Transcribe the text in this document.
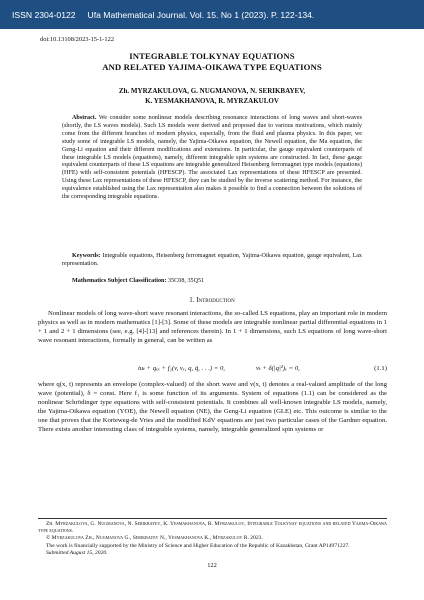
ISSN 2304-0122 Ufa Mathematical Journal. Vol. 15. No 1 (2023). P. 122-134.
doi:10.13108/2023-15-1-122
INTEGRABLE TOLKYNAY EQUATIONS
AND RELATED YAJIMA-OIKAWA TYPE EQUATIONS
Zh. MYRZAKULOVA, G. NUGMANOVA, N. SERIKBAYEV,
K. YESMAKHANOVA, R. MYRZAKULOV

Abstract. We consider some nonlinear models describing resonance interactions of long waves and short-waves (shortly, the LS waves models). Such LS models were derived and proposed due to various motivations, which mainly come from the different branches of modern physics, especially, from the fluid and plasma physics. In this paper, we study some of integrable LS models, namely, the Yajima-Oikawa equation, the Newell equation, the Ma equation, the Geng-Li equation and their different modifications and extensions. In particular, the gauge equivalent counterparts of these integrable LS models (equations), namely, different integrable spin systems are constructed. In fact, these gauge equivalent counterparts of these LS equations are integrable generalized Heisenberg ferromagnet type models (equations) (HFE) with self-consistent potentials (HFESCP). The associated Lax representations of these HFESCP are presented. Using these Lax representations of these HFESCP, they can be studied by the inverse scattering method. For instance, the equivalence established using the Lax representation also makes it possible to find a connection between the solutions of the corresponding integrable equations.

Keywords: Integrable equations, Heisenberg ferromagnet equation, Yajima-Oikawa equation, gauge equivalent, Lax representation.

Mathematics Subject Classification: 35C08, 35Q51

1. Introduction

Nonlinear models of long wave-short wave resonant interactions, the so-called LS equations, play an important role in modern physics as well as in modern mathematics [1]-[3]. Some of these models are integrable nonlinear partial differential equations in 1 + 1 and 2 + 1 dimensions (see, e.g. [4]-[13] and references therein). In 1 + 1 dimensions, such LS equations of long wave-short wave resonant interactions, formally in general, can be written as

iuₜ + qₓₓ + f₁(v, vₓ, q, q̄, . . .) = 0,	vₜ + δ(|q|²)ₓ = 0,	(1.1)

where q(x, t) represents an envelope (complex-valued) of the short wave and v(x, t) denotes a real-valued amplitude of the long wave (potential), δ = const. Here f₁ is some function of its arguments. System of equations (1.1) can be considered as the nonlinear Schrödinger type equations with self-consistent potentials. It combines all well-known integrable LS models, namely, the Yajima-Oikawa equation (YOE), the Newell equation (NE), the Geng-Li equation (GLE) etc. This outcome is similar to the one that proves that the Korteweg-de Vries and the modified KdV equations are just two particular cases of the Gardner equation. There exists another interesting class of integrable systems, namely, integrable generalized spin systems or

Zh. Myrzakulova, G. Nugmanova, N. Serikbayev, K. Yesmakhanova, R. Myrzakulov, Integrable Tolkynay equations and related Yajima-Oikawa type equations.

© Myrzakulova Zh., Nugmanova G., Serikbayev N., Yesmakhanova K., Myrzakulov R. 2023.

The work is financially supported by the Ministry of Science and Higher Education of the Republic of Kazakhstan, Grant AP14971227.

Submitted August 15, 2020.

122
